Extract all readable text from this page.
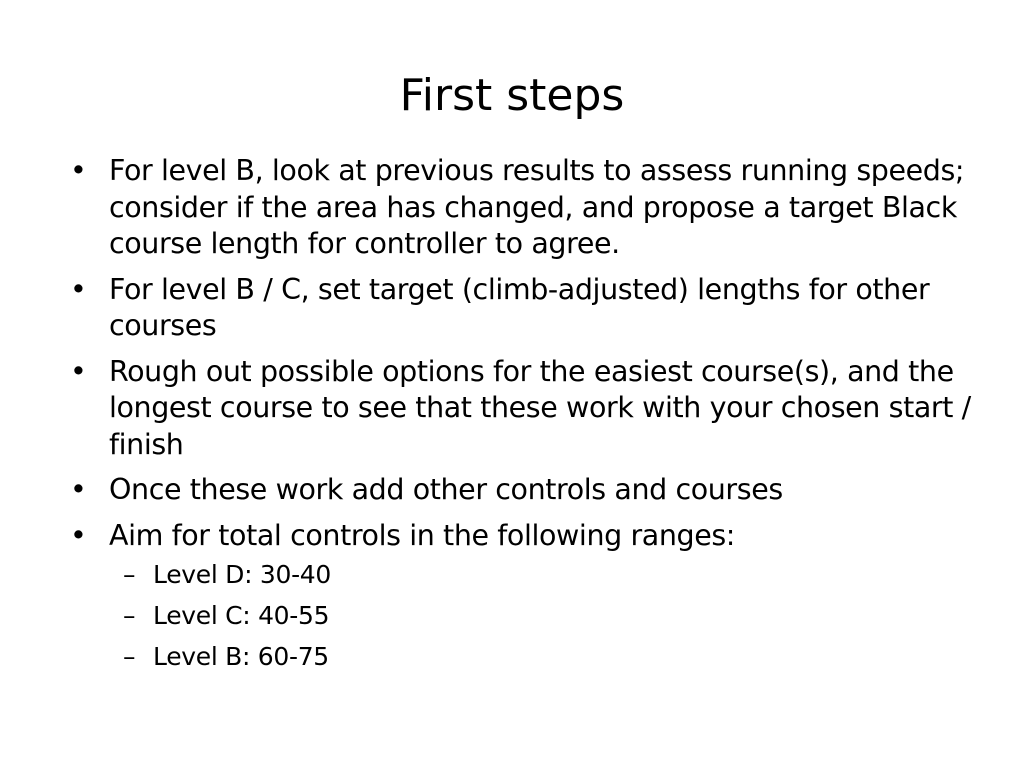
First steps
• For level B, look at previous results to assess running speeds; consider if the area has changed, and propose a target Black course length for controller to agree.
• For level B / C, set target (climb-adjusted) lengths for other courses
• Rough out possible options for the easiest course(s), and the longest course to see that these work with your chosen start / finish
• Once these work add other controls and courses
• Aim for total controls in the following ranges:
– Level D: 30-40
– Level C: 40-55
– Level B: 60-75
